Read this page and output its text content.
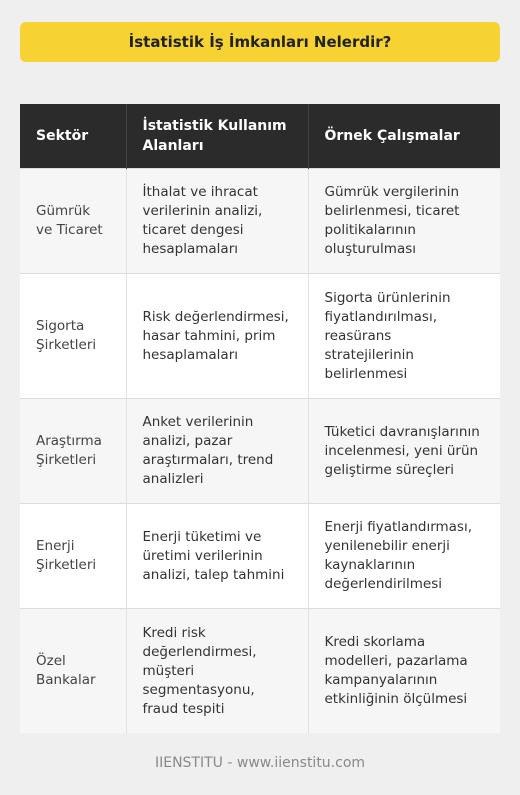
İstatistik İş İmkanları Nelerdir?
Sektör	İstatistik Kullanım Alanları	Örnek Çalışmalar
Gümrük ve Ticaret	İthalat ve ihracat verilerinin analizi, ticaret dengesi hesaplamaları	Gümrük vergilerinin belirlenmesi, ticaret politikalarının oluşturulması
Sigorta Şirketleri	Risk değerlendirmesi, hasar tahmini, prim hesaplamaları	Sigorta ürünlerinin fiyatlandırılması, reasürans stratejilerinin belirlenmesi
Araştırma Şirketleri	Anket verilerinin analizi, pazar araştırmaları, trend analizleri	Tüketici davranışlarının incelenmesi, yeni ürün geliştirme süreçleri
Enerji Şirketleri	Enerji tüketimi ve üretimi verilerinin analizi, talep tahmini	Enerji fiyatlandırması, yenilenebilir enerji kaynaklarının değerlendirilmesi
Özel Bankalar	Kredi risk değerlendirmesi, müşteri segmentasyonu, fraud tespiti	Kredi skorlama modelleri, pazarlama kampanyalarının etkinliğinin ölçülmesi
IIENSTITU - www.iienstitu.com
